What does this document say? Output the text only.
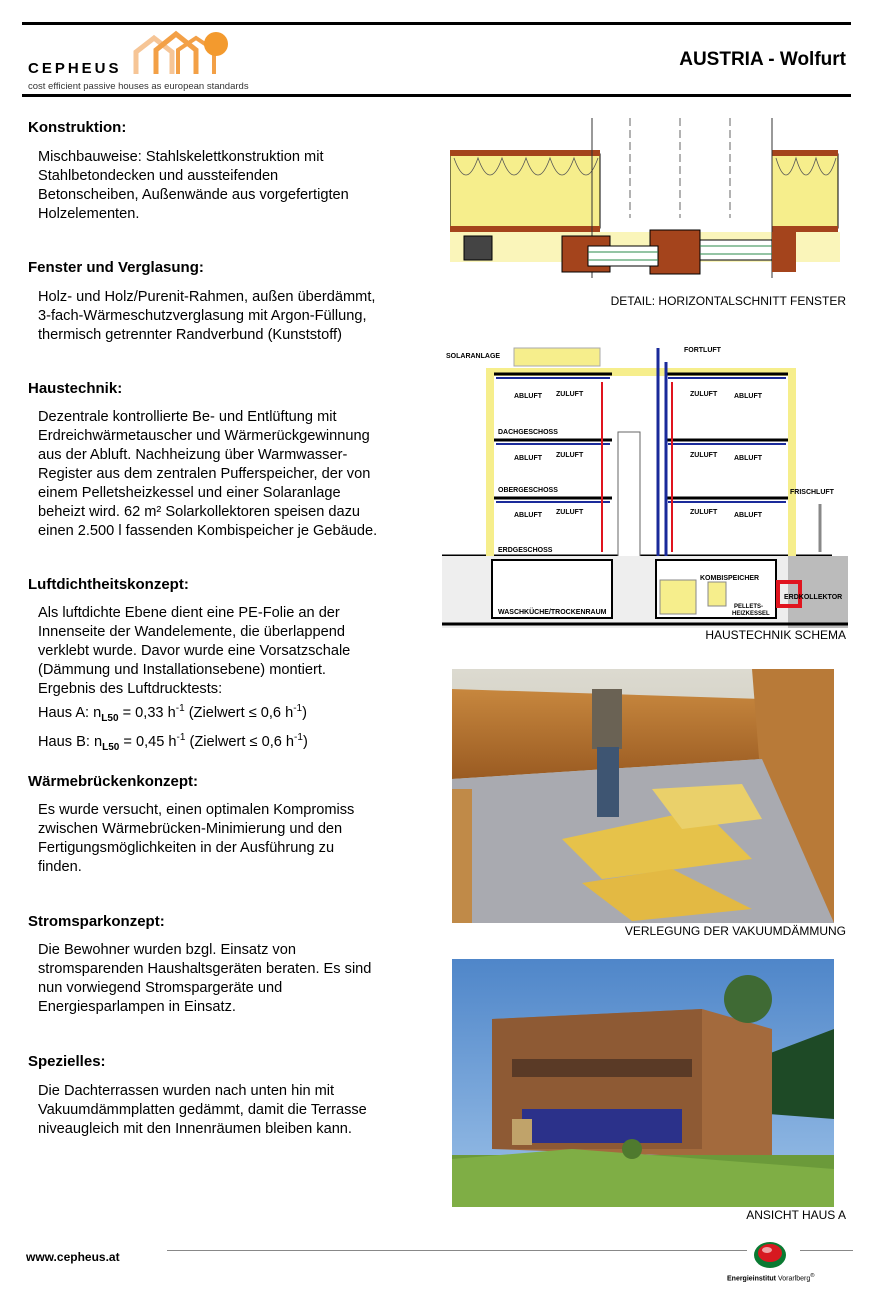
CEPHEUS
cost efficient passive houses as european standards
AUSTRIA - Wolfurt
Konstruktion:

Mischbauweise: Stahlskelettkonstruktion mit
Stahlbetondecken und aussteifenden
Betonscheiben, Außenwände aus vorgefertigten
Holzelementen.

Fenster und Verglasung:

Holz- und Holz/Purenit-Rahmen, außen überdämmt,
3-fach-Wärmeschutzverglasung mit Argon-Füllung,
thermisch getrennter Randverbund (Kunststoff)

Haustechnik:

Dezentrale kontrollierte Be- und Entlüftung mit
Erdreichwärmetauscher und Wärmerückgewinnung
aus der Abluft. Nachheizung über Warmwasser-
Register aus dem zentralen Pufferspeicher, der von
einem Pelletsheizkessel und einer Solaranlage
beheizt wird. 62 m² Solarkollektoren speisen dazu
einen 2.500 l fassenden Kombispeicher je Gebäude.

Luftdichtheitskonzept:

Als luftdichte Ebene dient eine PE-Folie an der
Innenseite der Wandelemente, die überlappend
verklebt wurde. Davor wurde eine Vorsatzschale
(Dämmung und Installationsebene) montiert.
Ergebnis des Luftdrucktests:
Haus A: $n_{L50} = 0,33$ $h^{-1}$ (Zielwert ≤ 0,6 $h^{-1}$)
Haus B: $n_{L50} = 0,45$ $h^{-1}$ (Zielwert ≤ 0,6 $h^{-1}$)

Wärmebrückenkonzept:

Es wurde versucht, einen optimalen Kompromiss
zwischen Wärmebrücken-Minimierung und den
Fertigungsmöglichkeiten in der Ausführung zu
finden.

Stromsparkonzept:

Die Bewohner wurden bzgl. Einsatz von
stromsparenden Haushaltsgeräten beraten. Es sind
nun vorwiegend Stromspargeräte und
Energiesparlampen in Einsatz.

Spezielles:

Die Dachterrassen wurden nach unten hin mit
Vakuumdämmplatten gedämmt, damit die Terrasse
niveaugleich mit den Innenräumen bleiben kann.

DETAIL: HORIZONTALSCHNITT FENSTER
SOLARANLAGE
FORTLUFT
ABLUFT ZULUFT	ZULUFT ABLUFT
DACHGESCHOSS
ABLUFT ZULUFT	ZULUFT ABLUFT
OBERGESCHOSS	FRISCHLUFT
ABLUFT ZULUFT	ZULUFT ABLUFT
ERDGESCHOSS
KOMBISPEICHER
PELLETS-
HEIZKESSEL
ERDKOLLEKTOR
WASCHKÜCHE/TROCKENRAUM
HAUSTECHNIK SCHEMA
VERLEGUNG DER VAKUUMDÄMMUNG
ANSICHT HAUS A
www.cepheus.at
Energieinstitut Vorarlberg®
